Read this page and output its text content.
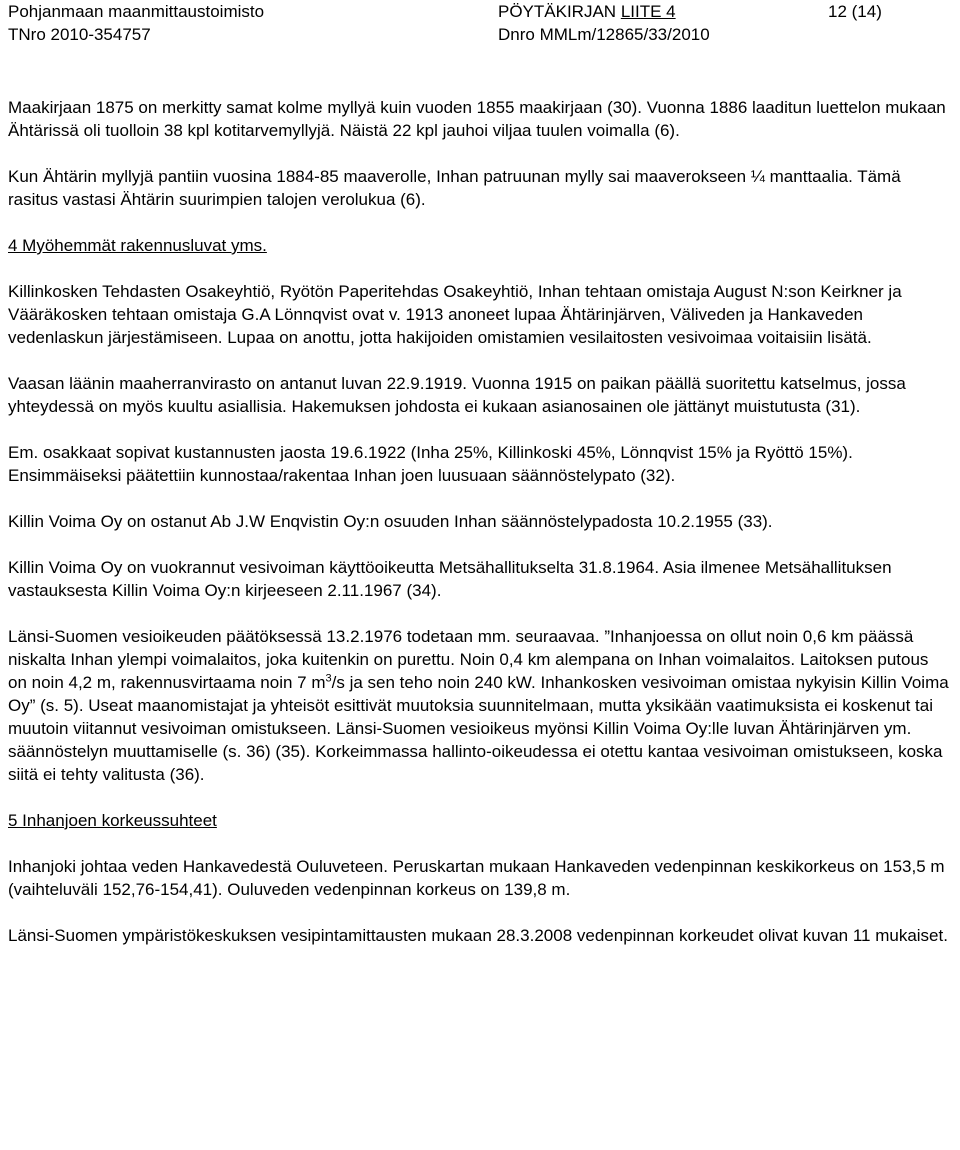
Pohjanmaan maanmittaustoimisto	PÖYTÄKIRJAN LIITE 4	12 (14)
TNro 2010-354757	Dnro MMLm/12865/33/2010

Maakirjaan 1875 on merkitty samat kolme myllyä kuin vuoden 1855 maakirjaan (30). Vuonna 1886 laaditun luettelon mukaan Ähtärissä oli tuolloin 38 kpl kotitarvemyllyjä. Näistä 22 kpl jauhoi viljaa tuulen voimalla (6).

Kun Ähtärin myllyjä pantiin vuosina 1884-85 maaverolle, Inhan patruunan mylly sai maaverokseen ¼ manttaalia. Tämä rasitus vastasi Ähtärin suurimpien talojen verolukua (6).

4 Myöhemmät rakennusluvat yms.

Killinkosken Tehdasten Osakeyhtiö, Ryötön Paperitehdas Osakeyhtiö, Inhan tehtaan omistaja August N:son Keirkner ja Vääräkosken tehtaan omistaja G.A Lönnqvist ovat v. 1913 anoneet lupaa Ähtärinjärven, Väliveden ja Hankaveden vedenlaskun järjestämiseen. Lupaa on anottu, jotta hakijoiden omistamien vesilaitosten vesivoimaa voitaisiin lisätä.

Vaasan läänin maaherranvirasto on antanut luvan 22.9.1919. Vuonna 1915 on paikan päällä suoritettu katselmus, jossa yhteydessä on myös kuultu asiallisia. Hakemuksen johdosta ei kukaan asianosainen ole jättänyt muistutusta (31).

Em. osakkaat sopivat kustannusten jaosta 19.6.1922 (Inha 25%, Killinkoski 45%, Lönnqvist 15% ja Ryöttö 15%). Ensimmäiseksi päätettiin kunnostaa/rakentaa Inhan joen luusuaan säännöstelypato (32).

Killin Voima Oy on ostanut Ab J.W Enqvistin Oy:n osuuden Inhan säännöstelypadosta 10.2.1955 (33).

Killin Voima Oy on vuokrannut vesivoiman käyttöoikeutta Metsähallitukselta 31.8.1964. Asia ilmenee Metsähallituksen vastauksesta Killin Voima Oy:n kirjeeseen 2.11.1967 (34).

Länsi-Suomen vesioikeuden päätöksessä 13.2.1976 todetaan mm. seuraavaa. ”Inhanjoessa on ollut noin 0,6 km päässä niskalta Inhan ylempi voimalaitos, joka kuitenkin on purettu. Noin 0,4 km alempana on Inhan voimalaitos. Laitoksen putous on noin 4,2 m, rakennusvirtaama noin 7 $m^3/s$ ja sen teho noin 240 kW. Inhankosken vesivoiman omistaa nykyisin Killin Voima Oy” (s. 5). Useat maanomistajat ja yhteisöt esittivät muutoksia suunnitelmaan, mutta yksikään vaatimuksista ei koskenut tai muutoin viitannut vesivoiman omistukseen. Länsi-Suomen vesioikeus myönsi Killin Voima Oy:lle luvan Ähtärinjärven ym. säännöstelyn muuttamiselle (s. 36) (35). Korkeimmassa hallinto-oikeudessa ei otettu kantaa vesivoiman omistukseen, koska siitä ei tehty valitusta (36).

5 Inhanjoen korkeussuhteet

Inhanjoki johtaa veden Hankavedestä Ouluveteen. Peruskartan mukaan Hankaveden vedenpinnan keskikorkeus on 153,5 m (vaihteluväli 152,76-154,41). Ouluveden vedenpinnan korkeus on 139,8 m.

Länsi-Suomen ympäristökeskuksen vesipintamittausten mukaan 28.3.2008 vedenpinnan korkeudet olivat kuvan 11 mukaiset.
